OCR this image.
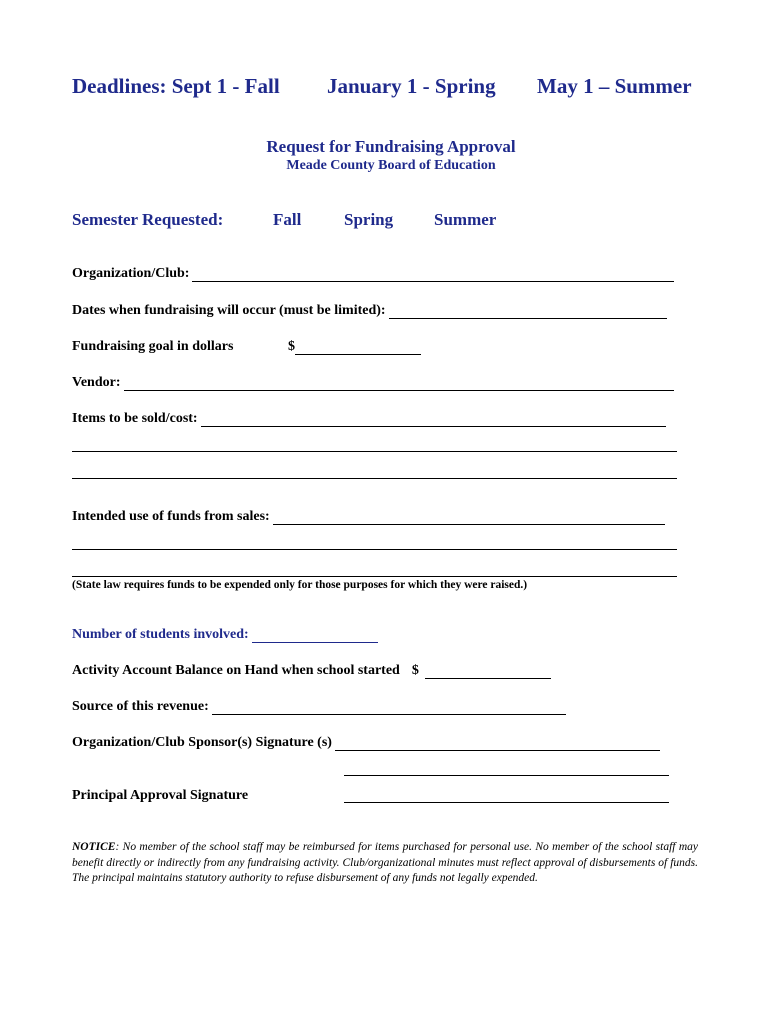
Deadlines: Sept 1 - Fall January 1 - Spring May 1 – Summer
Request for Fundraising Approval
Meade County Board of Education
Semester Requested:	Fall	Spring Summer
Organization/Club:
Dates when fundraising will occur (must be limited):
Fundraising goal in dollars	$
Vendor:
Items to be sold/cost:
Intended use of funds from sales:
(State law requires funds to be expended only for those purposes for which they were raised.)
Number of students involved:
Activity Account Balance on Hand when school started $
Source of this revenue:
Organization/Club Sponsor(s) Signature (s)
Principal Approval Signature
NOTICE: No member of the school staff may be reimbursed for items purchased for personal use. No member of the school staff may benefit directly or indirectly from any fundraising activity. Club/organizational minutes must reflect approval of disbursements of funds. The principal maintains statutory authority to refuse disbursement of any funds not legally expended.
